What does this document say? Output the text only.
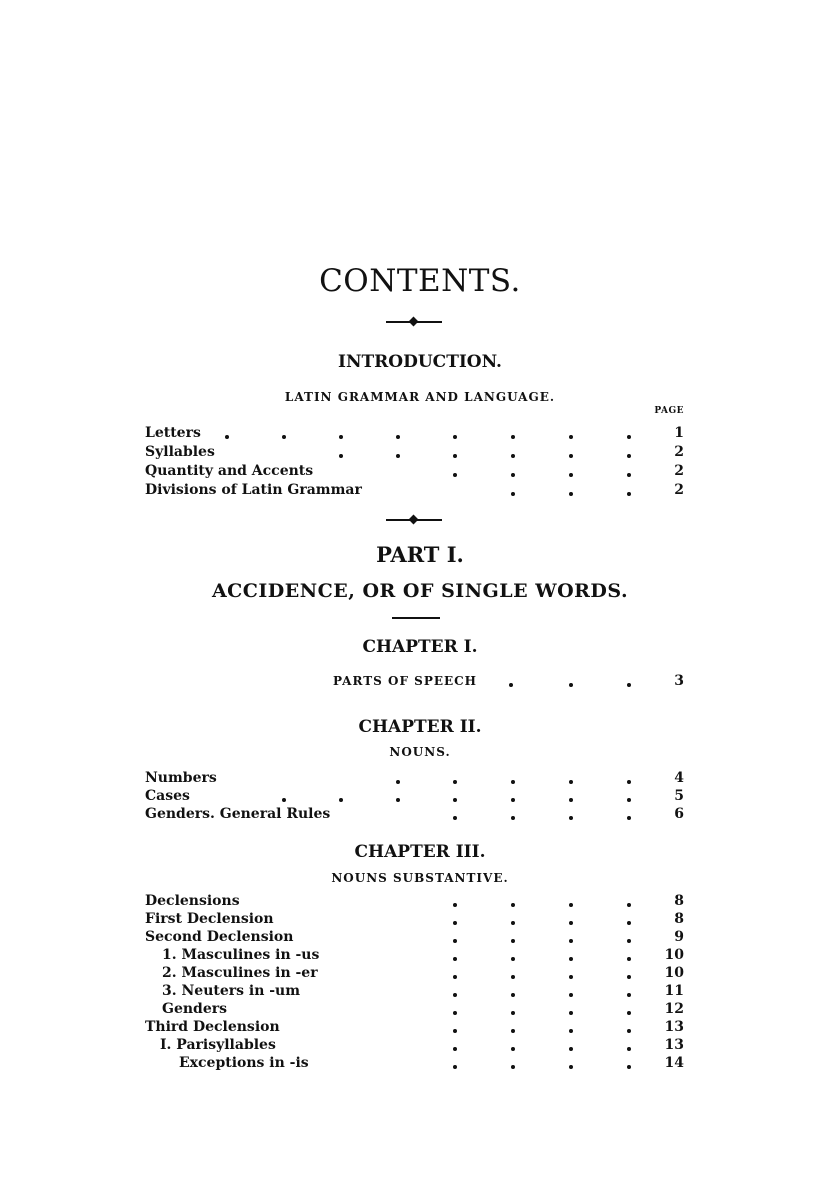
CONTENTS.
INTRODUCTION.
LATIN GRAMMAR AND LANGUAGE.
PAGE
Letters	1
Syllables	2
Quantity and Accents	2
Divisions of Latin Grammar	2
PART I.
ACCIDENCE, OR OF SINGLE WORDS.
CHAPTER I.
PARTS OF SPEECH	3
CHAPTER II.
NOUNS.
Numbers	4
Cases	5
Genders. General Rules	6
CHAPTER III.
NOUNS SUBSTANTIVE.
Declensions	8
First Declension	8
Second Declension	9
1. Masculines in -us	10
2. Masculines in -er	10
3. Neuters in -um	11
Genders	12
Third Declension	13
I. Parisyllables	13
Exceptions in -is	14
